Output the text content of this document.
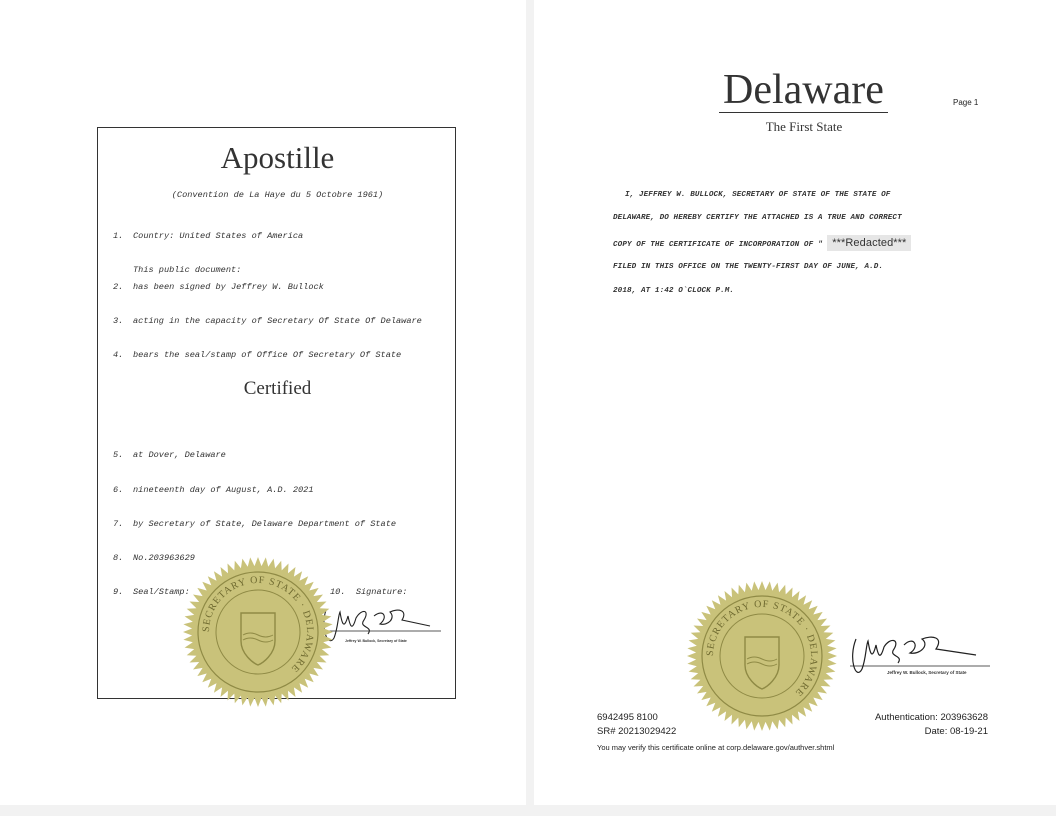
Apostille
(Convention de La Haye du 5 Octobre 1961)
1. Country: United States of America
This public document:
2. has been signed by Jeffrey W. Bullock
3. acting in the capacity of Secretary Of State Of Delaware
4. bears the seal/stamp of Office Of Secretary Of State
Certified
5. at Dover, Delaware
6. nineteenth day of August, A.D. 2021
7. by Secretary of State, Delaware Department of State
8. No.203963629
9. Seal/Stamp:	10. Signature:
Jeffrey W. Bullock, Secretary of State
SECRETARY OF STATE · DELAWARE
Delaware
The First State
Page 1
I, JEFFREY W. BULLOCK, SECRETARY OF STATE OF THE STATE OF
DELAWARE, DO HEREBY CERTIFY THE ATTACHED IS A TRUE AND CORRECT
COPY OF THE CERTIFICATE OF INCORPORATION OF " ***Redacted***
FILED IN THIS OFFICE ON THE TWENTY-FIRST DAY OF JUNE, A.D.
2018, AT 1:42 O`CLOCK P.M.
SECRETARY OF STATE · DELAWARE
Jeffrey W. Bullock, Secretary of State
6942495 8100
SR# 20213029422
You may verify this certificate online at corp.delaware.gov/authver.shtml
Authentication: 203963628
Date: 08-19-21
